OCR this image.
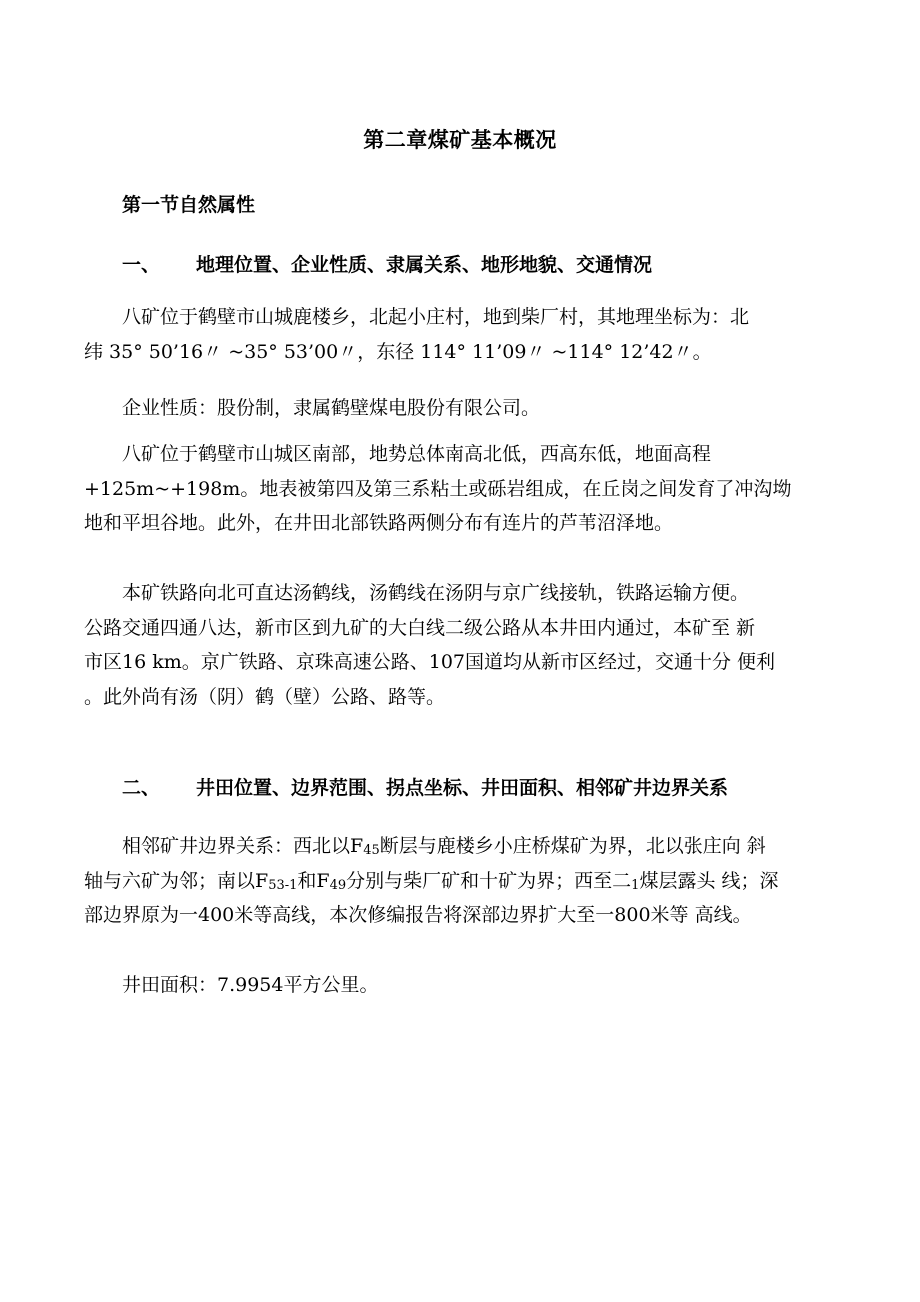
第二章煤矿基本概况
第一节自然属性
一、 地理位置、企业性质、隶属关系、地形地貌、交通情况
八矿位于鹤壁市山城鹿楼乡，北起小庄村，地到柴厂村，其地理坐标为：北
纬 35° 50’16〃 ~35° 53’00〃，东径 114° 11’09〃 ~114° 12’42〃。
企业性质：股份制，隶属鹤壁煤电股份有限公司。
八矿位于鹤壁市山城区南部，地势总体南高北低，西高东低，地面高程
+125m~+198m。地表被第四及第三系粘土或砾岩组成，在丘岗之间发育了冲沟坳
地和平坦谷地。此外，在井田北部铁路两侧分布有连片的芦苇沼泽地。
本矿铁路向北可直达汤鹤线，汤鹤线在汤阴与京广线接轨，铁路运输方便。
公路交通四通八达，新市区到九矿的大白线二级公路从本井田内通过，本矿至 新
市区16 km。京广铁路、京珠高速公路、107国道均从新市区经过，交通十分 便利
。此外尚有汤（阴）鹤（壁）公路、路等。
二、 井田位置、边界范围、拐点坐标、井田面积、相邻矿井边界关系
相邻矿井边界关系：西北以F45断层与鹿楼乡小庄桥煤矿为界，北以张庄向 斜
轴与六矿为邻；南以F53-1和F49分别与柴厂矿和十矿为界；西至二1煤层露头 线；深
部边界原为一400米等高线，本次修编报告将深部边界扩大至一800米等 高线。
井田面积：7.9954平方公里。
